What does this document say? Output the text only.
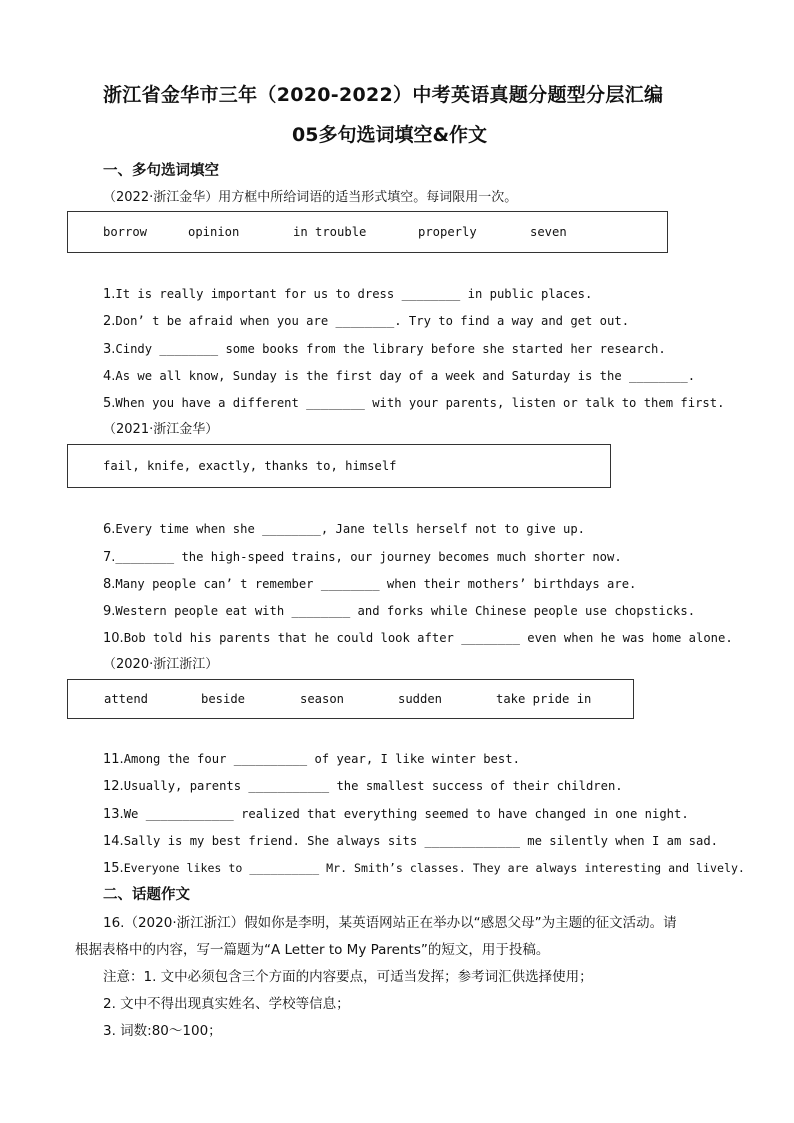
浙江省金华市三年（2020-2022）中考英语真题分题型分层汇编
05多句选词填空&作文
一、多句选词填空
（2022·浙江金华）用方框中所给词语的适当形式填空。每词限用一次。
borrow	opinion	in trouble	properly	seven
1.It is really important for us to dress ________ in public places.
2.Don’ t be afraid when you are ________. Try to find a way and get out.
3.Cindy ________ some books from the library before she started her research.
4.As we all know, Sunday is the first day of a week and Saturday is the ________.
5.When you have a different ________ with your parents, listen or talk to them first.
（2021·浙江金华）
fail, knife, exactly, thanks to, himself
6.Every time when she ________, Jane tells herself not to give up.
7.________ the high-speed trains, our journey becomes much shorter now.
8.Many people can’ t remember ________ when their mothers’ birthdays are.
9.Western people eat with ________ and forks while Chinese people use chopsticks.
10.Bob told his parents that he could look after ________ even when he was home alone.
（2020·浙江浙江）
attend	beside	season	sudden	take pride in
11.Among the four __________ of year, I like winter best.
12.Usually, parents ___________ the smallest success of their children.
13.We ____________ realized that everything seemed to have changed in one night.
14.Sally is my best friend. She always sits _____________ me silently when I am sad.
15.Everyone likes to __________ Mr. Smith’s classes. They are always interesting and lively.
二、话题作文
16.（2020·浙江浙江）假如你是李明，某英语网站正在举办以“感恩父母”为主题的征文活动。请
根据表格中的内容，写一篇题为“A Letter to My Parents”的短文，用于投稿。
注意：1. 文中必须包含三个方面的内容要点，可适当发挥；参考词汇供选择使用；
2. 文中不得出现真实姓名、学校等信息；
3. 词数:80～100；
